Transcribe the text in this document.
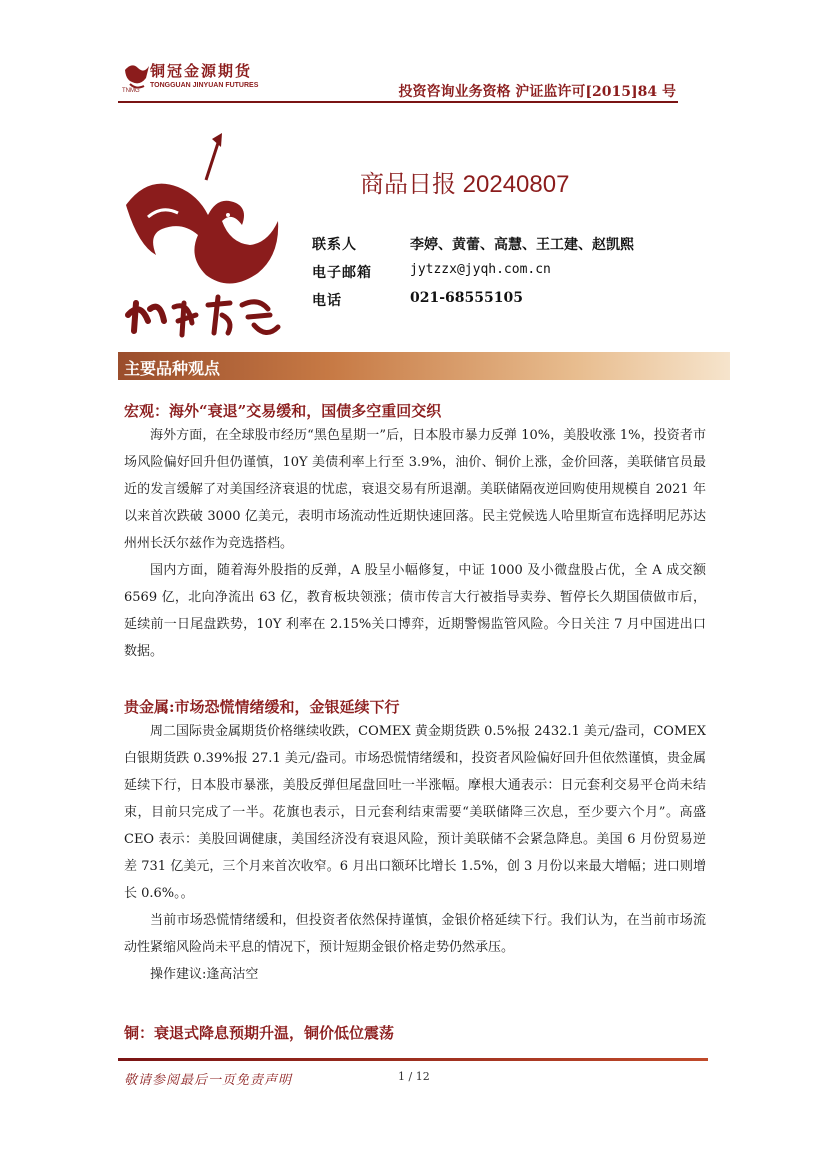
铜冠金源期货
TONGGUAN JINYUAN FUTURES
TNMG	投资咨询业务资格 沪证监许可[2015]84 号
商品日报 20240807
联系人	李婷、黄蕾、高慧、王工建、赵凯熙
电子邮箱	jytzzx@jyqh.com.cn
电话	021-68555105
主要品种观点
宏观：海外“衰退”交易缓和，国债多空重回交织
海外方面，在全球股市经历“黑色星期一”后，日本股市暴力反弹 10%，美股收涨 1%，投资者市场风险偏好回升但仍谨慎，10Y 美债利率上行至 3.9%，油价、铜价上涨，金价回落，美联储官员最近的发言缓解了对美国经济衰退的忧虑，衰退交易有所退潮。美联储隔夜逆回购使用规模自 2021 年以来首次跌破 3000 亿美元，表明市场流动性近期快速回落。民主党候选人哈里斯宣布选择明尼苏达州州长沃尔兹作为竞选搭档。
国内方面，随着海外股指的反弹，A 股呈小幅修复，中证 1000 及小微盘股占优，全 A 成交额 6569 亿，北向净流出 63 亿，教育板块领涨；债市传言大行被指导卖券、暂停长久期国债做市后，延续前一日尾盘跌势，10Y 利率在 2.15%关口博弈，近期警惕监管风险。今日关注 7 月中国进出口数据。
贵金属:市场恐慌情绪缓和，金银延续下行
周二国际贵金属期货价格继续收跌，COMEX 黄金期货跌 0.5%报 2432.1 美元/盎司，COMEX 白银期货跌 0.39%报 27.1 美元/盎司。市场恐慌情绪缓和，投资者风险偏好回升但依然谨慎，贵金属延续下行，日本股市暴涨，美股反弹但尾盘回吐一半涨幅。摩根大通表示：日元套利交易平仓尚未结束，目前只完成了一半。花旗也表示，日元套利结束需要“美联储降三次息，至少要六个月”。高盛 CEO 表示：美股回调健康，美国经济没有衰退风险，预计美联储不会紧急降息。美国 6 月份贸易逆差 731 亿美元，三个月来首次收窄。6 月出口额环比增长 1.5%，创 3 月份以来最大增幅；进口则增长 0.6%。。
当前市场恐慌情绪缓和，但投资者依然保持谨慎，金银价格延续下行。我们认为，在当前市场流动性紧缩风险尚未平息的情况下，预计短期金银价格走势仍然承压。
操作建议:逢高沽空
铜：衰退式降息预期升温，铜价低位震荡
敬请参阅最后一页免责声明	1 / 12
